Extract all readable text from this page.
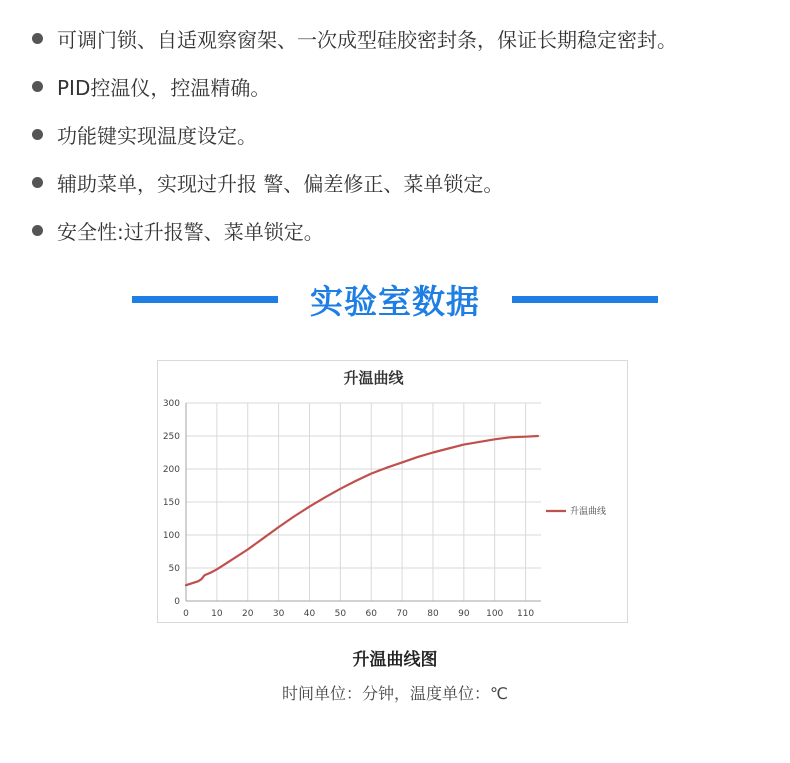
可调门锁、自适观察窗架、一次成型硅胶密封条，保证长期稳定密封。
PID控温仪，控温精确。
功能键实现温度设定。
辅助菜单，实现过升报 警、偏差修正、菜单锁定。
安全性:过升报警、菜单锁定。
实验室数据
升温曲线
0
50
100
150
200
250
300
0 10 20 30 40 50 60 70 80 90 100 110
升温曲线
升温曲线图
时间单位：分钟，温度单位：℃
